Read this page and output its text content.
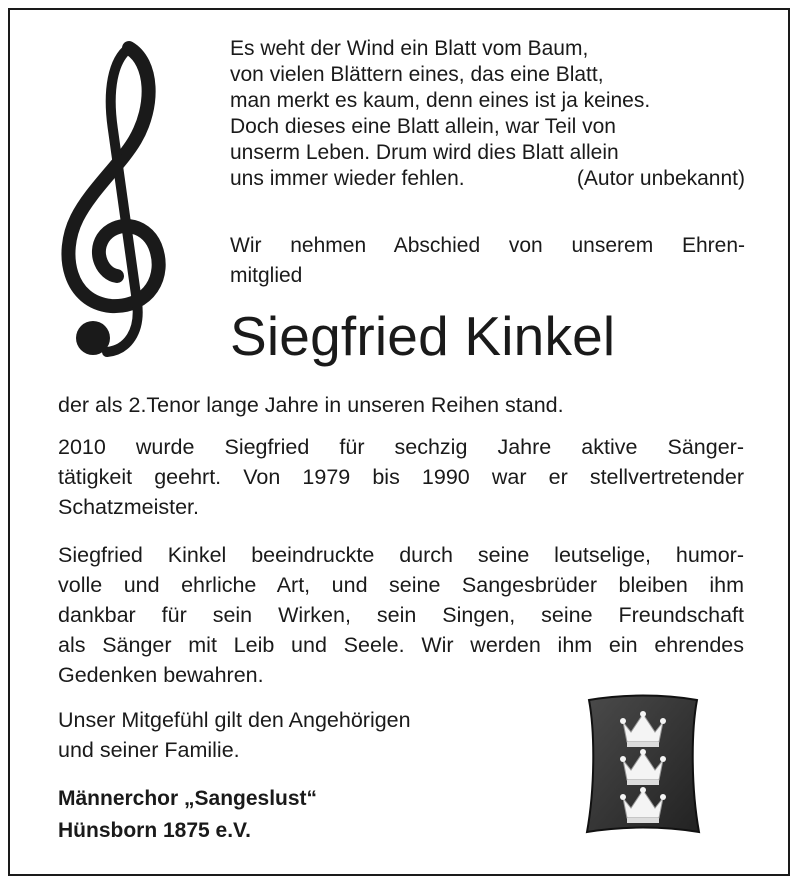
Es weht der Wind ein Blatt vom Baum,
von vielen Blättern eines, das eine Blatt,
man merkt es kaum, denn eines ist ja keines.
Doch dieses eine Blatt allein, war Teil von
unserm Leben. Drum wird dies Blatt allein
uns immer wieder fehlen.	(Autor unbekannt)
Wir nehmen Abschied von unserem Ehren-
mitglied
Siegfried Kinkel
der als 2.Tenor lange Jahre in unseren Reihen stand.
2010 wurde Siegfried für sechzig Jahre aktive Sänger-
tätigkeit geehrt. Von 1979 bis 1990 war er stellvertretender
Schatzmeister.
Siegfried Kinkel beeindruckte durch seine leutselige, humor-
volle und ehrliche Art, und seine Sangesbrüder bleiben ihm
dankbar für sein Wirken, sein Singen, seine Freundschaft
als Sänger mit Leib und Seele. Wir werden ihm ein ehrendes
Gedenken bewahren.
Unser Mitgefühl gilt den Angehörigen
und seiner Familie.
Männerchor „Sangeslust“
Hünsborn 1875 e.V.
